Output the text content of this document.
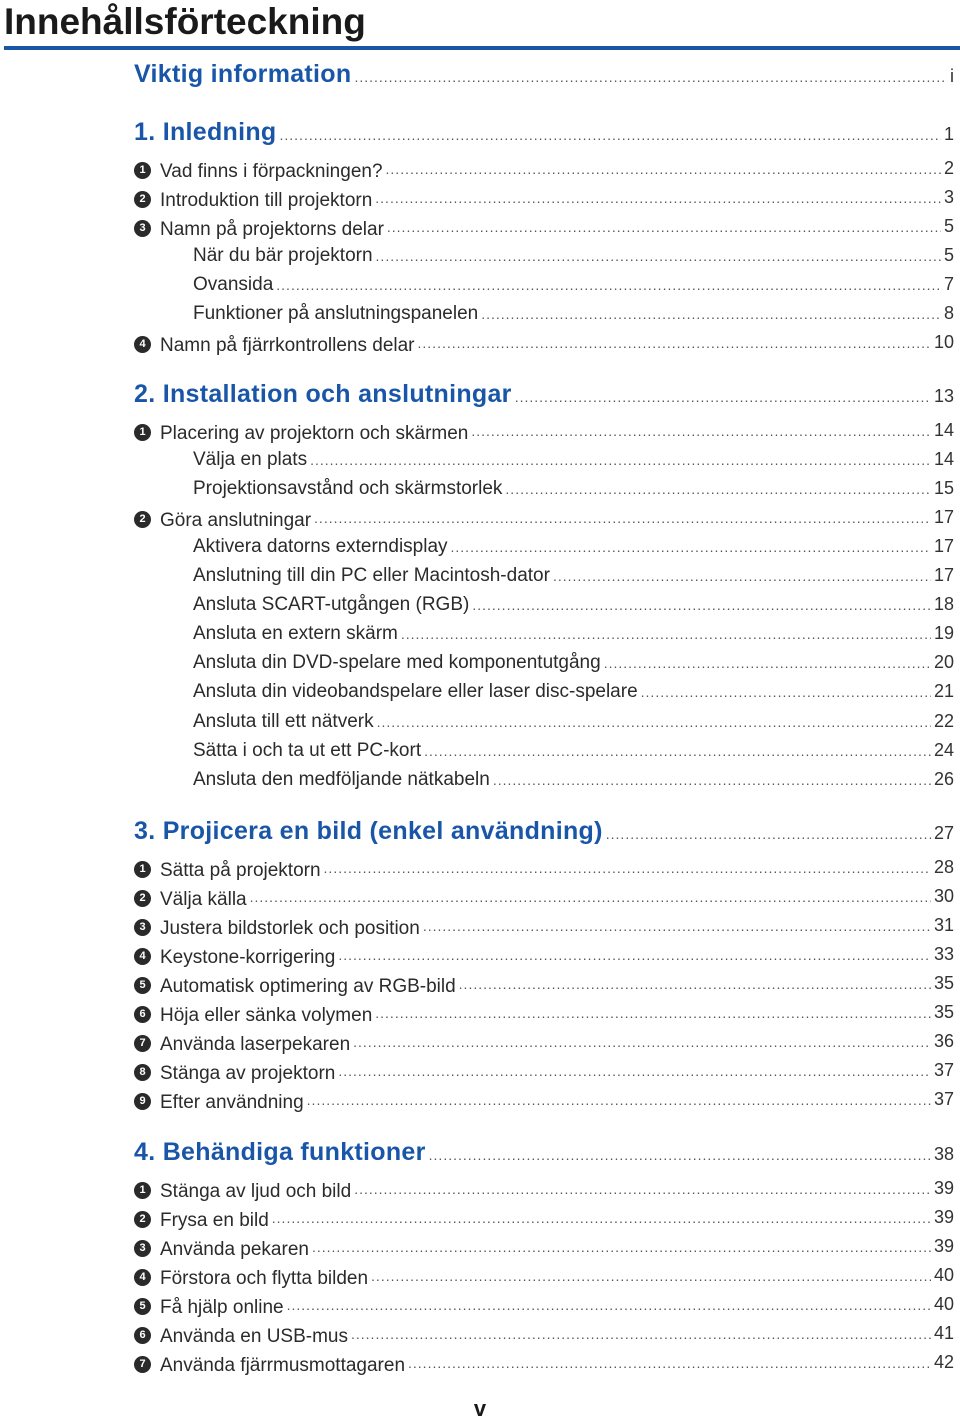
Innehållsförteckning
Viktig information .....	i
1. Inledning .....	1
1 Vad finns i förpackningen? .....	2
2 Introduktion till projektorn .....	3
3 Namn på projektorns delar .....	5
När du bär projektorn .....	5
Ovansida .....	7
Funktioner på anslutningspanelen .....	8
4 Namn på fjärrkontrollens delar .....	10
2. Installation och anslutningar .....	13
1 Placering av projektorn och skärmen .....	14
Välja en plats .....	14
Projektionsavstånd och skärmstorlek .....	15
2 Göra anslutningar .....	17
Aktivera datorns externdisplay .....	17
Anslutning till din PC eller Macintosh-dator .....	17
Ansluta SCART-utgången (RGB) .....	18
Ansluta en extern skärm .....	19
Ansluta din DVD-spelare med komponentutgång .....	20
Ansluta din videobandspelare eller laser disc-spelare .....	21
Ansluta till ett nätverk .....	22
Sätta i och ta ut ett PC-kort .....	24
Ansluta den medföljande nätkabeln .....	26
3. Projicera en bild (enkel användning) .....	27
1 Sätta på projektorn .....	28
2 Välja källa .....	30
3 Justera bildstorlek och position .....	31
4 Keystone-korrigering .....	33
5 Automatisk optimering av RGB-bild .....	35
6 Höja eller sänka volymen .....	35
7 Använda laserpekaren .....	36
8 Stänga av projektorn .....	37
9 Efter användning .....	37
4. Behändiga funktioner .....	38
1 Stänga av ljud och bild .....	39
2 Frysa en bild .....	39
3 Använda pekaren .....	39
4 Förstora och flytta bilden .....	40
5 Få hjälp online .....	40
6 Använda en USB-mus .....	41
7 Använda fjärrmusmottagaren .....	42
v
